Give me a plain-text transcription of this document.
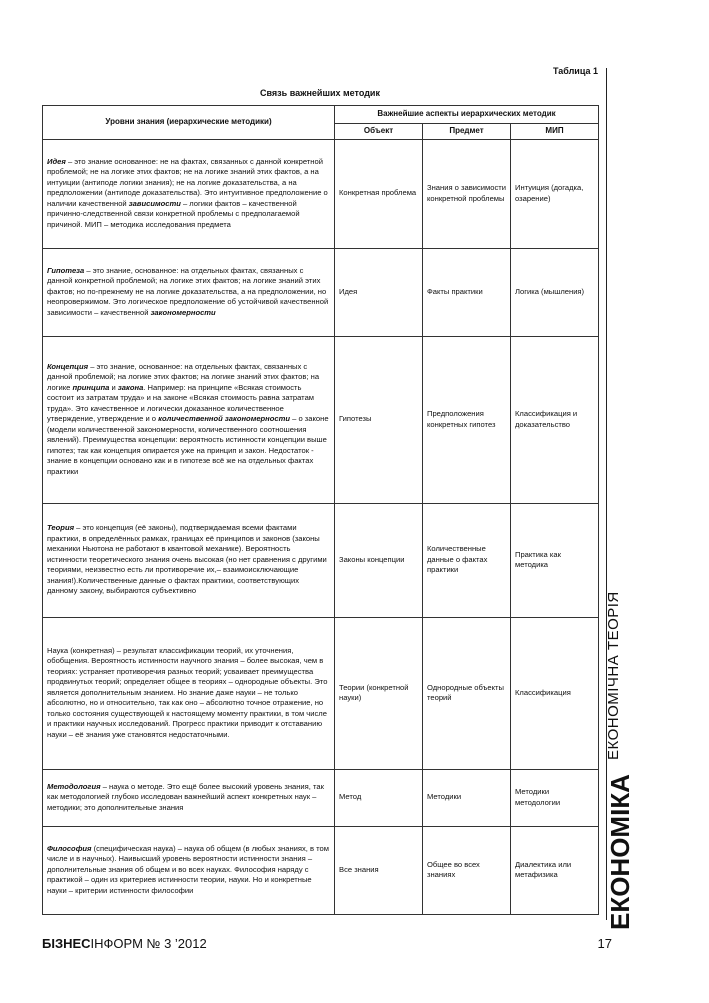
Таблица 1
Связь важнейших методик
Уровни знания (иерархические методики)	Важнейшие аспекты иерархических методик		
	Объект	Предмет	МИП
Идея – это знание основанное: не на фактах, связанных с данной конкретной проблемой; не на логике этих фактов; не на логике знаний этих фактов, а на интуиции (антиподе логики знания); не на логике доказательства, а на предположении (антиподе доказательства). Это интуитивное предположение о наличии качественной зависимости – логики фактов – качественной причинно-следственной связи конкретной проблемы с предполагаемой причиной. МИП – методика исследования предмета	Конкретная проблема	Знания о зависимости конкретной проблемы	Интуиция (догадка, озарение)
Гипотеза – это знание, основанное: на отдельных фактах, связанных с данной конкретной проблемой; на логике этих фактов; на логике знаний этих фактов; но по-прежнему не на логике доказательства, а на предположении, но неопровержимом. Это логическое предположение об устойчивой качественной зависимости – качественной закономерности	Идея	Факты практики	Логика (мышления)
Концепция – это знание, основанное: на отдельных фактах, связанных с данной проблемой; на логике этих фактов; на логике знаний этих фактов; на логике принципа и закона. Например: на принципе «Всякая стоимость состоит из затратам труда» и на законе «Всякая стоимость равна затратам труда». Это качественное и логически доказанное количественное утверждение, утверждение и о количественной закономерности – о законе (модели количественной закономерности, количественного соотношения явлений). Преимущества концепции: вероятность истинности концепции выше гипотез; так как концепция опирается уже на принцип и закон. Недостаток - знание в концепции основано как и в гипотезе всё же на отдельных фактах практики	Гипотезы	Предположения конкретных гипотез	Классификация и доказательство
Теория – это концепция (её законы), подтверждаемая всеми фактами практики, в определённых рамках, границах её принципов и законов (законы механики Ньютона не работают в квантовой механике). Вероятность истинности теоретического знания очень высокая (но нет сравнения с другими теориями, неизвестно есть ли противоречие их,– взаимоисключающие знания!).Количественные данные о фактах практики, соответствующих данному закону, выбираются субъективно	Законы концепции	Количественные данные о фактах практики	Практика как методика
Наука (конкретная) – результат классификации теорий, их уточнения, обобщения. Вероятность истинности научного знания – более высокая, чем в теориях: устраняет противоречия разных теорий; усваивает преимущества продвинутых теорий; определяет общее в теориях – однородные объекты. Это является дополнительным знанием. Но знание даже науки – не только абсолютно, но и относительно, так как оно – абсолютно точное отражение, но только состояния существующей к настоящему моменту практики, в том числе и практики научных исследований. Прогресс практики приводит к отставанию науки – её знания уже становятся недостаточными.	Теории (конкретной науки)	Однородные объекты теорий	Классификация
Методология – наука о методе. Это ещё более высокий уровень знания, так как методологией глубоко исследован важнейший аспект конкретных наук – методики; это дополнительные знания	Метод	Методики	Методики методологии
Философия (специфическая наука) – наука об общем (в любых знаниях, в том числе и в научных). Наивысший уровень вероятности истинности знания – дополнительные знания об общем и во всех науках. Философия наряду с практикой – один из критериев истинности теории, науки. Но и конкретные науки – критерии истинности философии	Все знания	Общее во всех знаниях	Диалектика или метафизика
ЕКОНОМІЧНА ТЕОРІЯ
ЕКОНОМІКА
БІЗНЕСІНФОРМ № 3 ’2012	17
